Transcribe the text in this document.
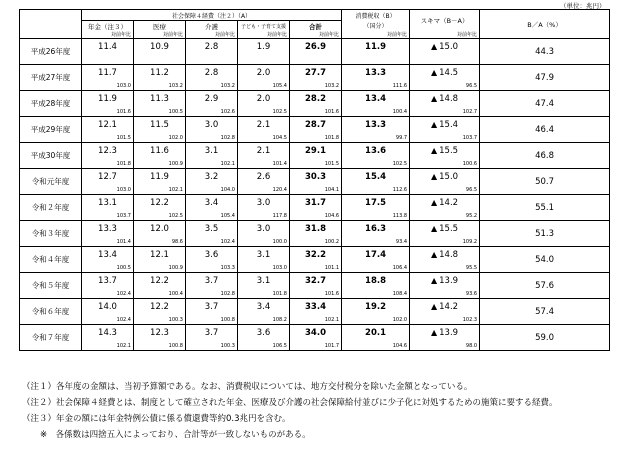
（単位：兆円）
	社会保障４経費（注２）（A）					消費税収（B）	スキマ（B－A）	B／A（%）
	年金（注３）	医療	介護	子ども・子育て支援	合計	（国分）		
	対前年比	対前年比	対前年比	対前年比	対前年比	対前年比	対前年比	
平成26年度	11.4	10.9	2.8	1.9	26.9	11.9	▲ 15.0	44.3

平成27年度	11.7	11.2	2.8	2.0	27.7	13.3	▲ 14.5	47.9
	103.0	103.2	103.2	105.4	103.2	111.6	96.5	
平成28年度	11.9	11.3	2.9	2.0	28.2	13.4	▲ 14.8	47.4
	101.6	100.5	102.6	102.5	101.6	100.4	102.7	
平成29年度	12.1	11.5	3.0	2.1	28.7	13.3	▲ 15.4	46.4
	101.5	102.0	102.8	104.5	101.8	99.7	103.7	
平成30年度	12.3	11.6	3.1	2.1	29.1	13.6	▲ 15.5	46.8
	101.8	100.9	102.1	101.4	101.5	102.5	100.6	
令和元年度	12.7	11.9	3.2	2.6	30.3	15.4	▲ 15.0	50.7
	103.0	102.1	104.0	120.4	104.1	112.6	96.5	
令和２年度	13.1	12.2	3.4	3.0	31.7	17.5	▲ 14.2	55.1
	103.7	102.5	105.4	117.8	104.6	113.8	95.2	
令和３年度	13.3	12.0	3.5	3.0	31.8	16.3	▲ 15.5	51.3
	101.4	98.6	102.4	100.0	100.2	93.4	109.2	
令和４年度	13.4	12.1	3.6	3.1	32.2	17.4	▲ 14.8	54.0
	100.5	100.9	103.3	103.0	101.1	106.4	95.5	
令和５年度	13.7	12.2	3.7	3.1	32.7	18.8	▲ 13.9	57.6
	102.4	100.4	102.8	101.8	101.6	108.4	93.6	
令和６年度	14.0	12.2	3.7	3.4	33.4	19.2	▲ 14.2	57.4
	102.4	100.3	100.8	108.2	102.1	102.0	102.3	
令和７年度	14.3	12.3	3.7	3.6	34.0	20.1	▲ 13.9	59.0
	102.1	100.8	100.3	106.5	101.7	104.6	98.0	
（注１）各年度の金額は、当初予算額である。なお、消費税収については、地方交付税分を除いた金額となっている。
（注２）社会保障４経費とは、制度として確立された年金、医療及び介護の社会保障給付並びに少子化に対処するための施策に要する経費。
（注３）年金の額には年金特例公債に係る償還費等約0.3兆円を含む。
※　各係数は四捨五入によっており、合計等が一致しないものがある。
